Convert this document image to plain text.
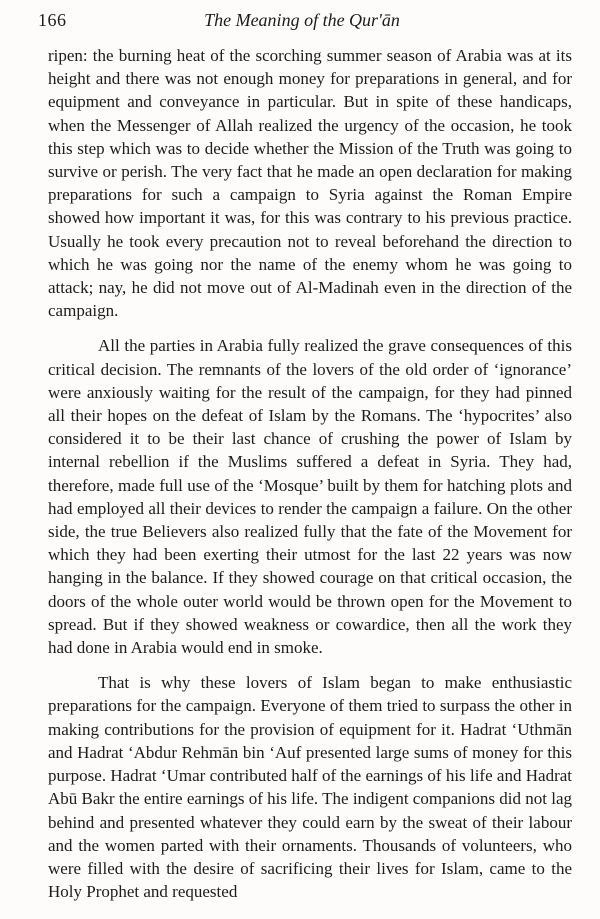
166	The Meaning of the Qur'ān

ripen: the burning heat of the scorching summer season of Arabia was at its height and there was not enough money for preparations in general, and for equipment and conveyance in particular. But in spite of these handicaps, when the Messenger of Allah realized the urgency of the occasion, he took this step which was to decide whether the Mission of the Truth was going to survive or perish. The very fact that he made an open declaration for making preparations for such a campaign to Syria against the Roman Empire showed how important it was, for this was contrary to his previous practice. Usually he took every precaution not to reveal beforehand the direction to which he was going nor the name of the enemy whom he was going to attack; nay, he did not move out of Al-Madinah even in the direction of the campaign.

All the parties in Arabia fully realized the grave consequences of this critical decision. The remnants of the lovers of the old order of ‘ignorance’ were anxiously waiting for the result of the campaign, for they had pinned all their hopes on the defeat of Islam by the Romans. The ‘hypocrites’ also considered it to be their last chance of crushing the power of Islam by internal rebellion if the Muslims suffered a defeat in Syria. They had, therefore, made full use of the ‘Mosque’ built by them for hatching plots and had employed all their devices to render the campaign a failure. On the other side, the true Believers also realized fully that the fate of the Movement for which they had been exerting their utmost for the last 22 years was now hanging in the balance. If they showed courage on that critical occasion, the doors of the whole outer world would be thrown open for the Movement to spread. But if they showed weakness or cowardice, then all the work they had done in Arabia would end in smoke.

That is why these lovers of Islam began to make enthusiastic preparations for the campaign. Everyone of them tried to surpass the other in making contributions for the provision of equipment for it. Hadrat ‘Uthmān and Hadrat ‘Abdur Rehmān bin ‘Auf presented large sums of money for this purpose. Hadrat ‘Umar contributed half of the earnings of his life and Hadrat Abū Bakr the entire earnings of his life. The indigent companions did not lag behind and presented whatever they could earn by the sweat of their labour and the women parted with their ornaments. Thousands of volunteers, who were filled with the desire of sacrificing their lives for Islam, came to the Holy Prophet and requested
